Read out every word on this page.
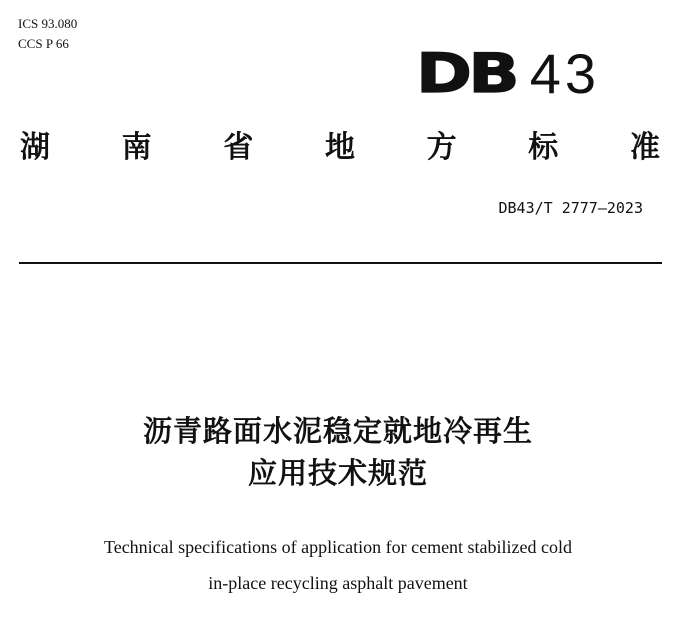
ICS 93.080
CCS P 66	DB 43
湖 南 省 地 方 标 准
DB43/T 2777—2023
沥青路面水泥稳定就地冷再生
应用技术规范
Technical specifications of application for cement stabilized cold
in-place recycling asphalt pavement
